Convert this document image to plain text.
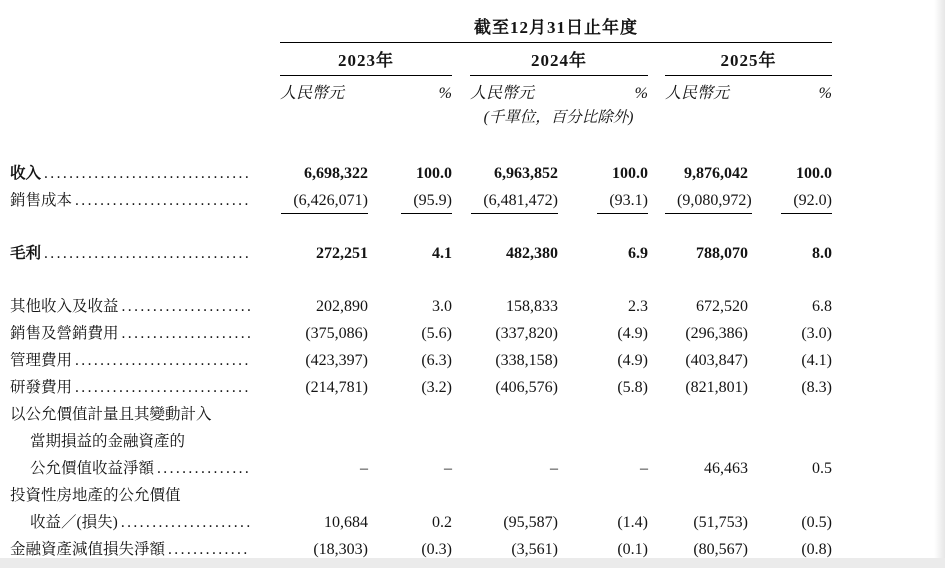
截至12月31日止年度
2023年	2024年	2025年
人民幣元	% 人民幣元	% 人民幣元	%
(千單位，百分比除外)
收入 .....	6,698,322	100.0	6,963,852	100.0	9,876,042	100.0
銷售成本 .....	(6,426,071)	(95.9)	(6,481,472)	(93.1)	(9,080,972)	(92.0)
毛利 .....	272,251	4.1	482,380	6.9	788,070	8.0
其他收入及收益 .....	202,890	3.0	158,833	2.3	672,520	6.8
銷售及營銷費用 .....	(375,086)	(5.6)	(337,820)	(4.9)	(296,386)	(3.0)
管理費用 .....	(423,397)	(6.3)	(338,158)	(4.9)	(403,847)	(4.1)
研發費用 .....	(214,781)	(3.2)	(406,576)	(5.8)	(821,801)	(8.3)
以公允價值計量且其變動計入
當期損益的金融資產的
公允價值收益淨額 .....	–	–	–	–	46,463	0.5
投資性房地產的公允價值
收益／(損失) .....	10,684	0.2	(95,587)	(1.4)	(51,753)	(0.5)
金融資產減值損失淨額 .....	(18,303)	(0.3)	(3,561)	(0.1)	(80,567)	(0.8)
